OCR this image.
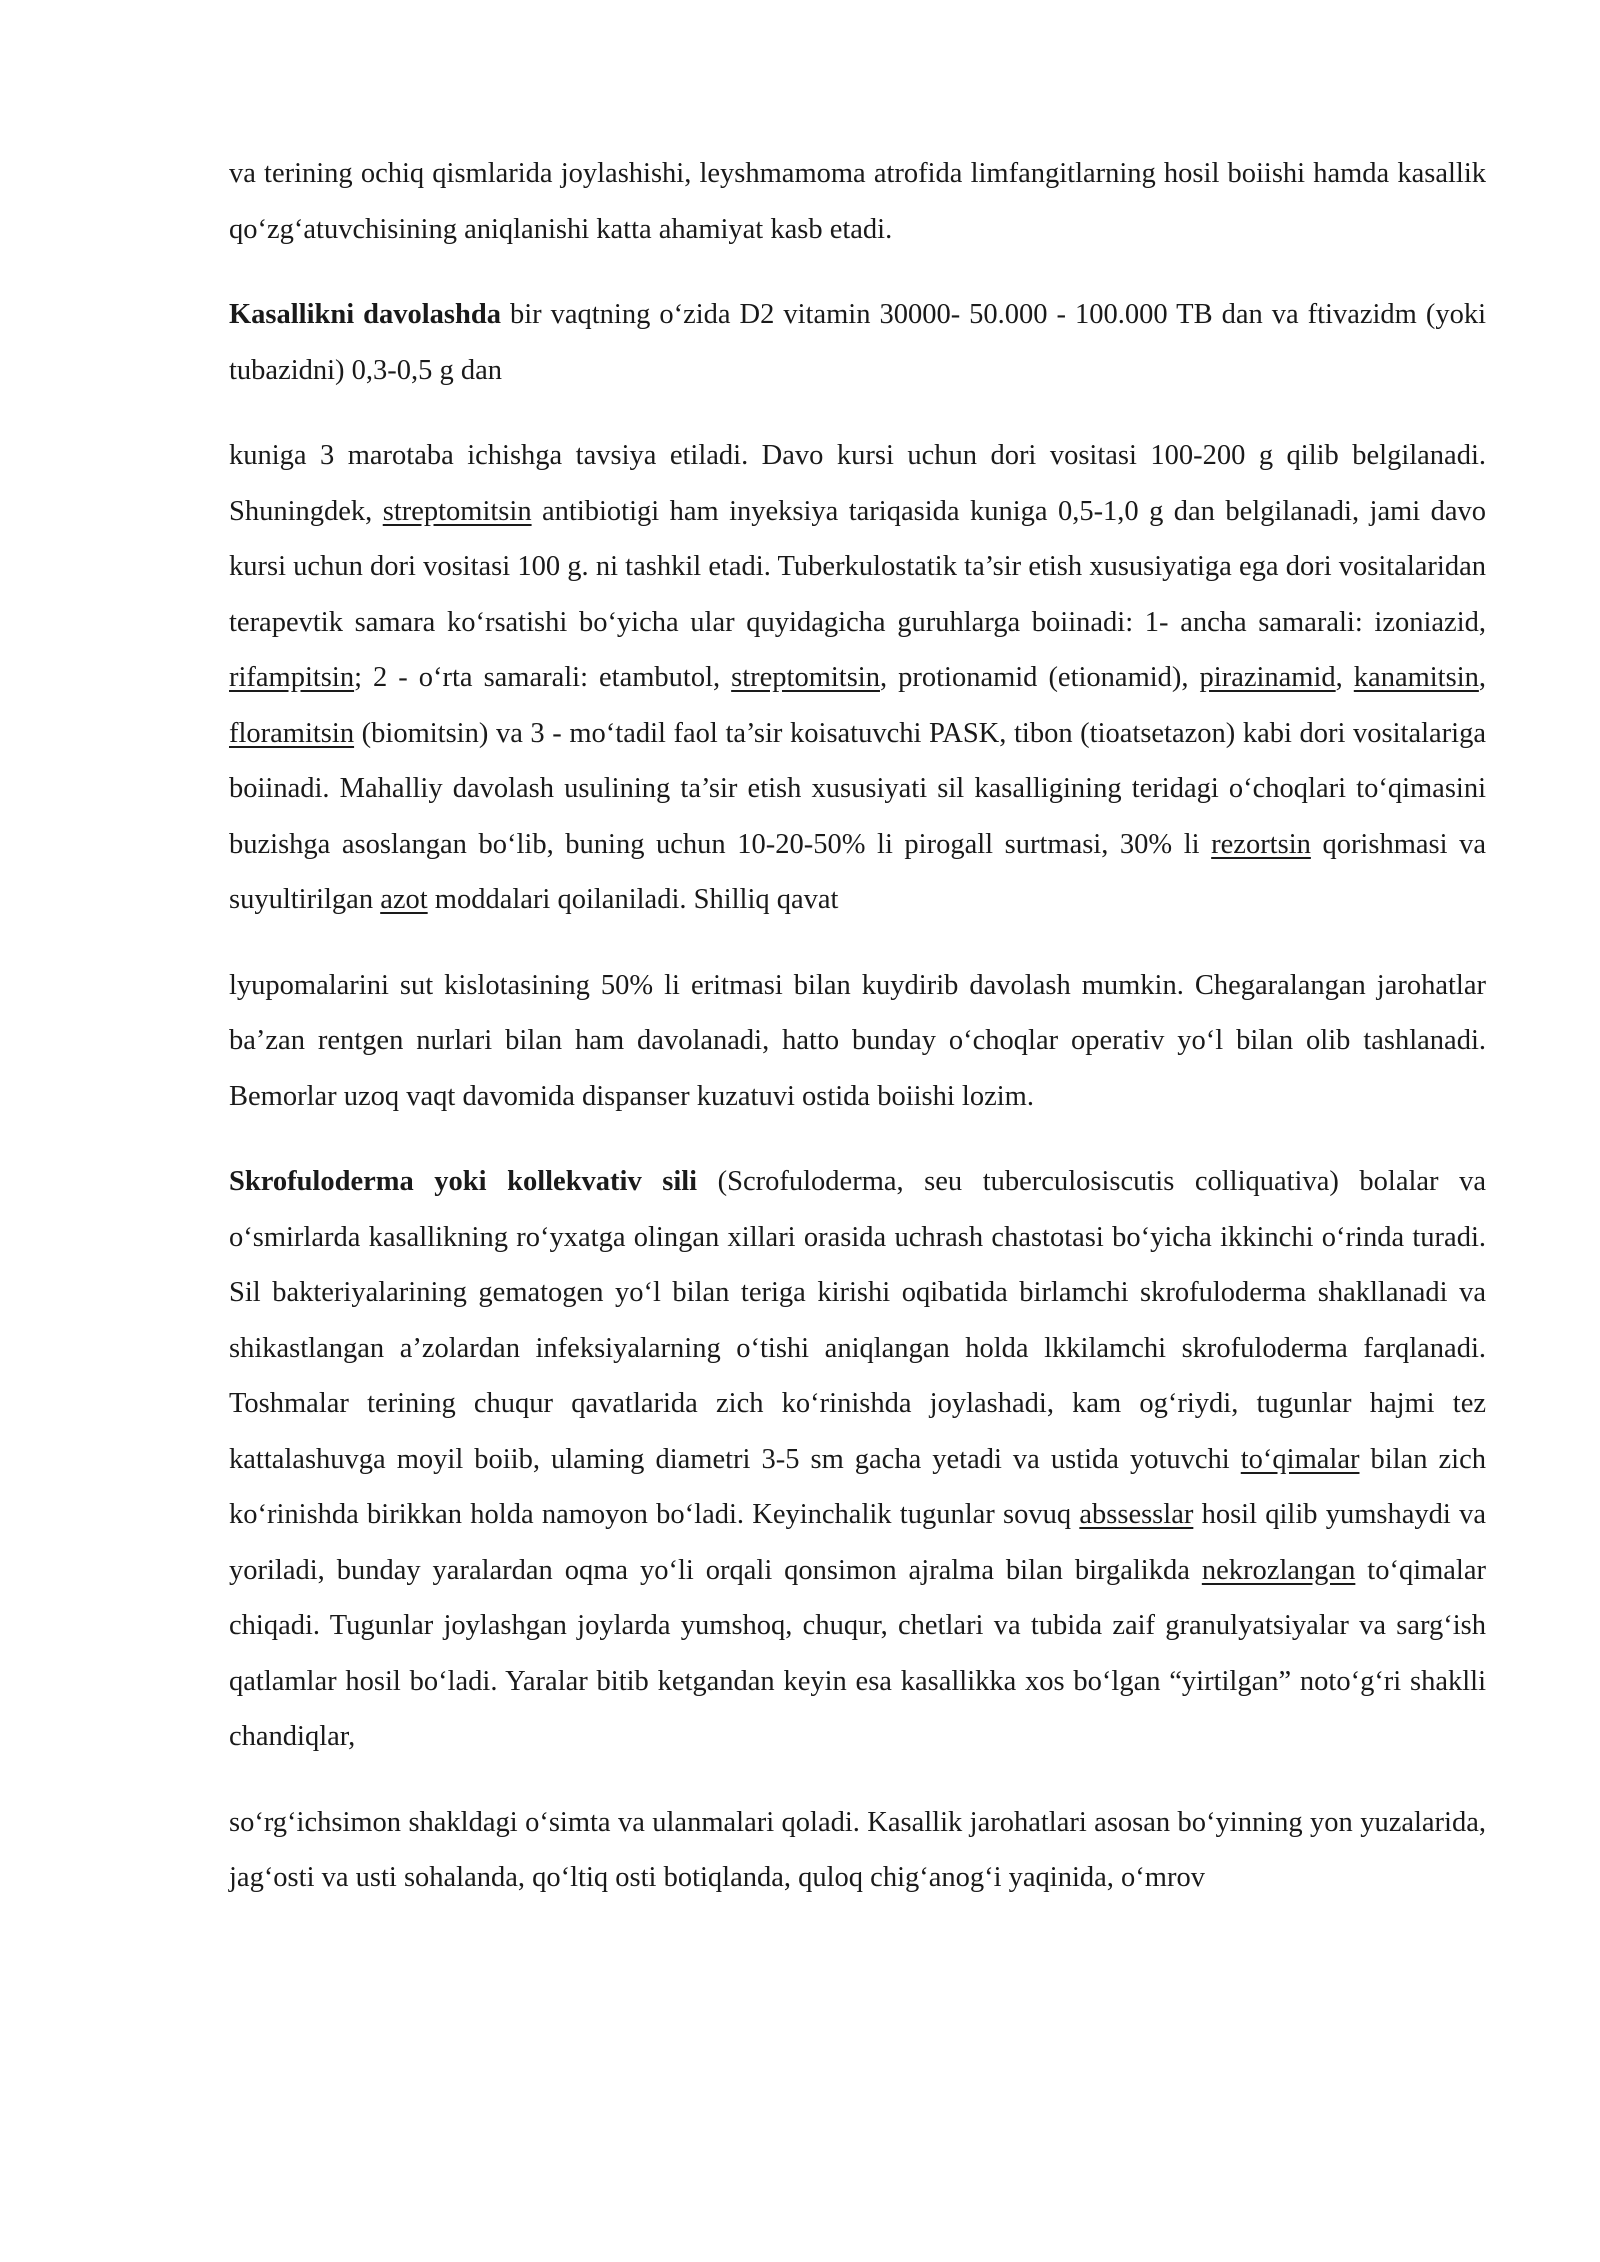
va terining ochiq qismlarida joylashishi, leyshmamoma atrofida limfangitlarning hosil boiishi hamda kasallik qo‘zg‘atuvchisining aniqlanishi katta ahamiyat kasb etadi.

Kasallikni davolashda bir vaqtning o‘zida D2 vitamin 30000- 50.000 - 100.000 TB dan va ftivazidm (yoki tubazidni) 0,3-0,5 g dan

kuniga 3 marotaba ichishga tavsiya etiladi. Davo kursi uchun dori vositasi 100-200 g qilib belgilanadi. Shuningdek, streptomitsin antibiotigi ham inyeksiya tariqasida kuniga 0,5-1,0 g dan belgilanadi, jami davo kursi uchun dori vositasi 100 g. ni tashkil etadi. Tuberkulostatik ta’sir etish xususiyatiga ega dori vositalaridan terapevtik samara ko‘rsatishi bo‘yicha ular quyidagicha guruhlarga boiinadi: 1- ancha samarali: izoniazid, rifampitsin; 2 - o‘rta samarali: etambutol, streptomitsin, protionamid (etionamid), pirazinamid, kanamitsin, floramitsin (biomitsin) va 3 - mo‘tadil faol ta’sir koisatuvchi PASK, tibon (tioatsetazon) kabi dori vositalariga boiinadi. Mahalliy davolash usulining ta’sir etish xususiyati sil kasalligining teridagi o‘choqlari to‘qimasini buzishga asoslangan bo‘lib, buning uchun 10-20-50% li pirogall surtmasi, 30% li rezortsin qorishmasi va suyultirilgan azot moddalari qoilaniladi. Shilliq qavat

lyupomalarini sut kislotasining 50% li eritmasi bilan kuydirib davolash mumkin. Chegaralangan jarohatlar ba’zan rentgen nurlari bilan ham davolanadi, hatto bunday o‘choqlar operativ yo‘l bilan olib tashlanadi. Bemorlar uzoq vaqt davomida dispanser kuzatuvi ostida boiishi lozim.

Skrofuloderma yoki kollekvativ sili (Scrofuloderma, seu tuberculosiscutis colliquativa) bolalar va o‘smirlarda kasallikning ro‘yxatga olingan xillari orasida uchrash chastotasi bo‘yicha ikkinchi o‘rinda turadi. Sil bakteriyalarining gematogen yo‘l bilan teriga kirishi oqibatida birlamchi skrofuloderma shakllanadi va shikastlangan a’zolardan infeksiyalarning o‘tishi aniqlangan holda lkkilamchi skrofuloderma farqlanadi. Toshmalar terining chuqur qavatlarida zich ko‘rinishda joylashadi, kam og‘riydi, tugunlar hajmi tez kattalashuvga moyil boiib, ulaming diametri 3-5 sm gacha yetadi va ustida yotuvchi to‘qimalar bilan zich ko‘rinishda birikkan holda namoyon bo‘ladi. Keyinchalik tugunlar sovuq abssesslar hosil qilib yumshaydi va yoriladi, bunday yaralardan oqma yo‘li orqali qonsimon ajralma bilan birgalikda nekrozlangan to‘qimalar chiqadi. Tugunlar joylashgan joylarda yumshoq, chuqur, chetlari va tubida zaif granulyatsiyalar va sarg‘ish qatlamlar hosil bo‘ladi. Yaralar bitib ketgandan keyin esa kasallikka xos bo‘lgan “yirtilgan” noto‘g‘ri shaklli chandiqlar,

so‘rg‘ichsimon shakldagi o‘simta va ulanmalari qoladi. Kasallik jarohatlari asosan bo‘yinning yon yuzalarida, jag‘osti va usti sohalanda, qo‘ltiq osti botiqlanda, quloq chig‘anog‘i yaqinida, o‘mrov
